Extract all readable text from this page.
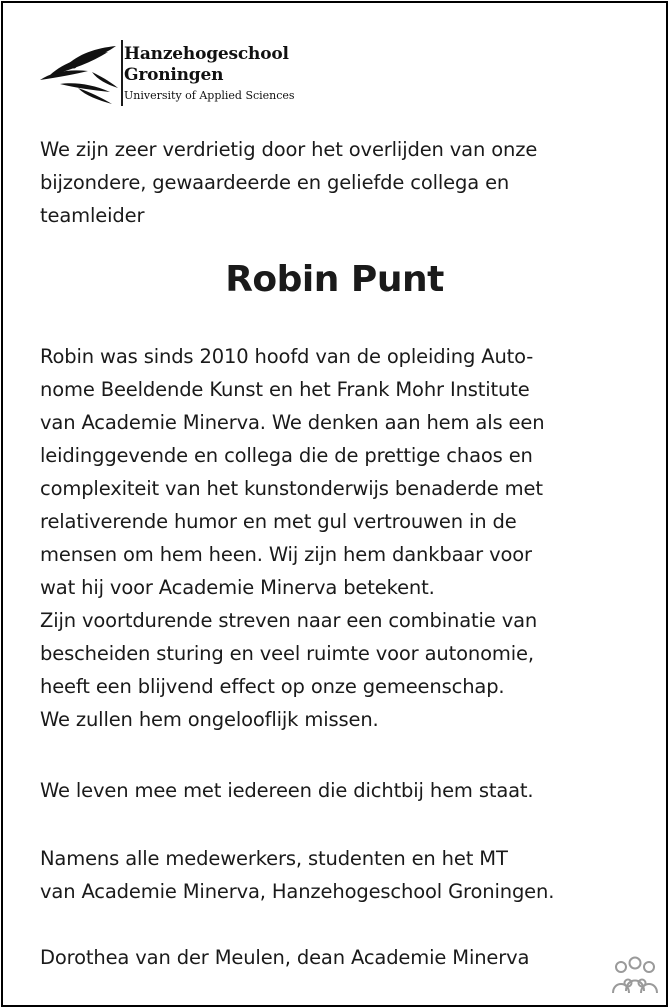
Hanzehogeschool
Groningen
University of Applied Sciences
We zijn zeer verdrietig door het overlijden van onze
bijzondere, gewaardeerde en geliefde collega en
teamleider
Robin Punt
Robin was sinds 2010 hoofd van de opleiding Auto-
nome Beeldende Kunst en het Frank Mohr Institute
van Academie Minerva. We denken aan hem als een
leidinggevende en collega die de prettige chaos en
complexiteit van het kunstonderwijs benaderde met
relativerende humor en met gul vertrouwen in de
mensen om hem heen. Wij zijn hem dankbaar voor
wat hij voor Academie Minerva betekent.
Zijn voortdurende streven naar een combinatie van
bescheiden sturing en veel ruimte voor autonomie,
heeft een blijvend effect op onze gemeenschap.
We zullen hem ongelooflijk missen.
We leven mee met iedereen die dichtbij hem staat.
Namens alle medewerkers, studenten en het MT
van Academie Minerva, Hanzehogeschool Groningen.
Dorothea van der Meulen, dean Academie Minerva
